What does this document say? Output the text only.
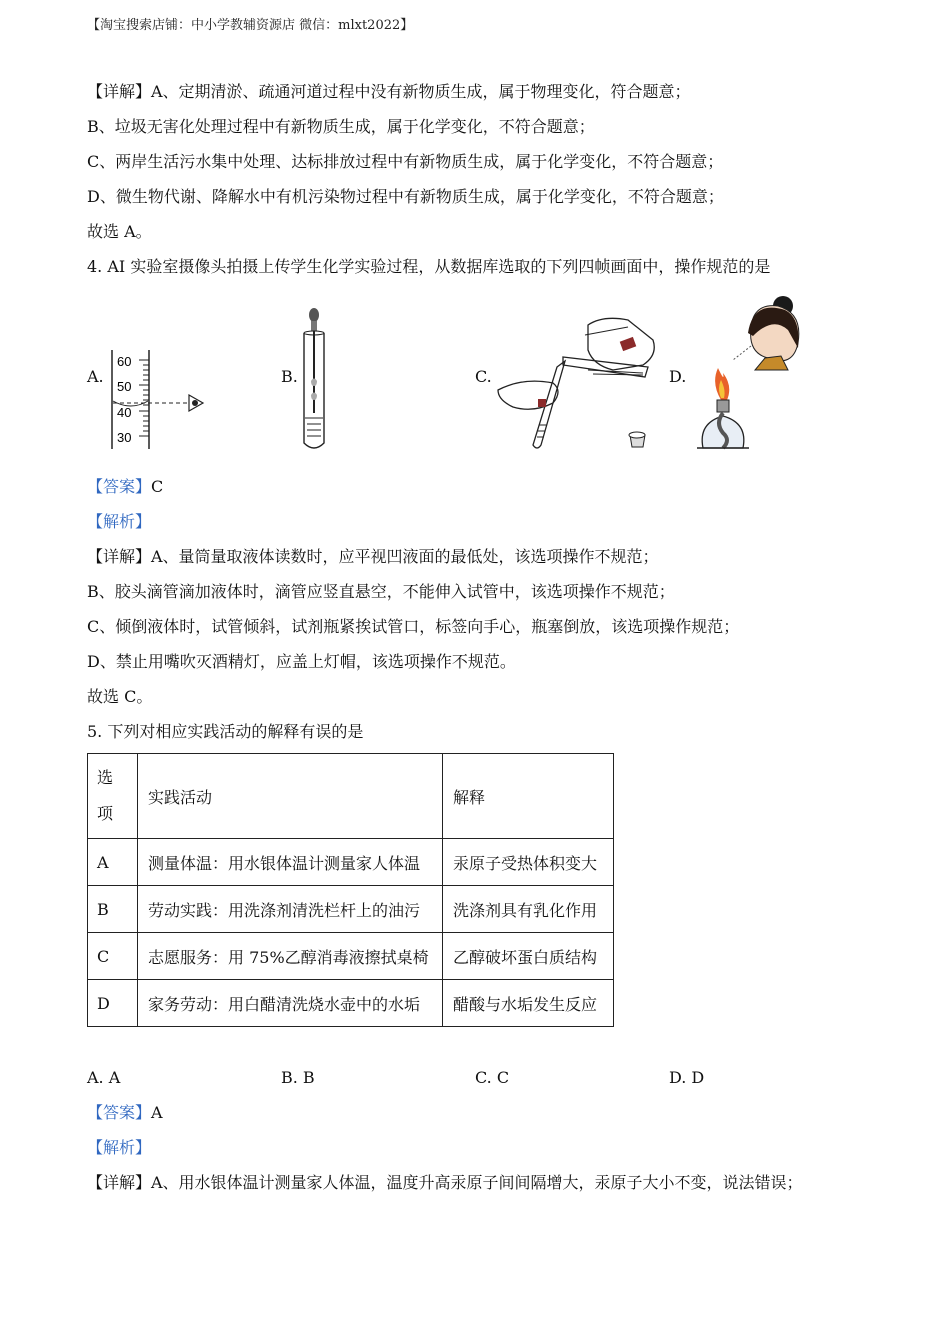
【淘宝搜索店铺：中小学教辅资源店 微信：mlxt2022】
【详解】A、定期清淤、疏通河道过程中没有新物质生成，属于物理变化，符合题意；
B、垃圾无害化处理过程中有新物质生成，属于化学变化，不符合题意；
C、两岸生活污水集中处理、达标排放过程中有新物质生成，属于化学变化，不符合题意；
D、微生物代谢、降解水中有机污染物过程中有新物质生成，属于化学变化，不符合题意；
故选 A。
4. AI 实验室摄像头拍摄上传学生化学实验过程，从数据库选取的下列四帧画面中，操作规范的是
A.	B.	C.	D.
60
50
40
30
【答案】C
【解析】
【详解】A、量筒量取液体读数时，应平视凹液面的最低处，该选项操作不规范；
B、胶头滴管滴加液体时，滴管应竖直悬空，不能伸入试管中，该选项操作不规范；
C、倾倒液体时，试管倾斜，试剂瓶紧挨试管口，标签向手心，瓶塞倒放，该选项操作规范；
D、禁止用嘴吹灭酒精灯，应盖上灯帽，该选项操作不规范。
故选 C。
5. 下列对相应实践活动的解释有误的是
选
项	实践活动	解释
A	测量体温：用水银体温计测量家人体温	汞原子受热体积变大
B	劳动实践：用洗涤剂清洗栏杆上的油污	洗涤剂具有乳化作用
C	志愿服务：用 75%乙醇消毒液擦拭桌椅	乙醇破坏蛋白质结构
D	家务劳动：用白醋清洗烧水壶中的水垢	醋酸与水垢发生反应
A. A	B. B	C. C	D. D
【答案】A
【解析】
【详解】A、用水银体温计测量家人体温，温度升高汞原子间间隔增大，汞原子大小不变，说法错误；
